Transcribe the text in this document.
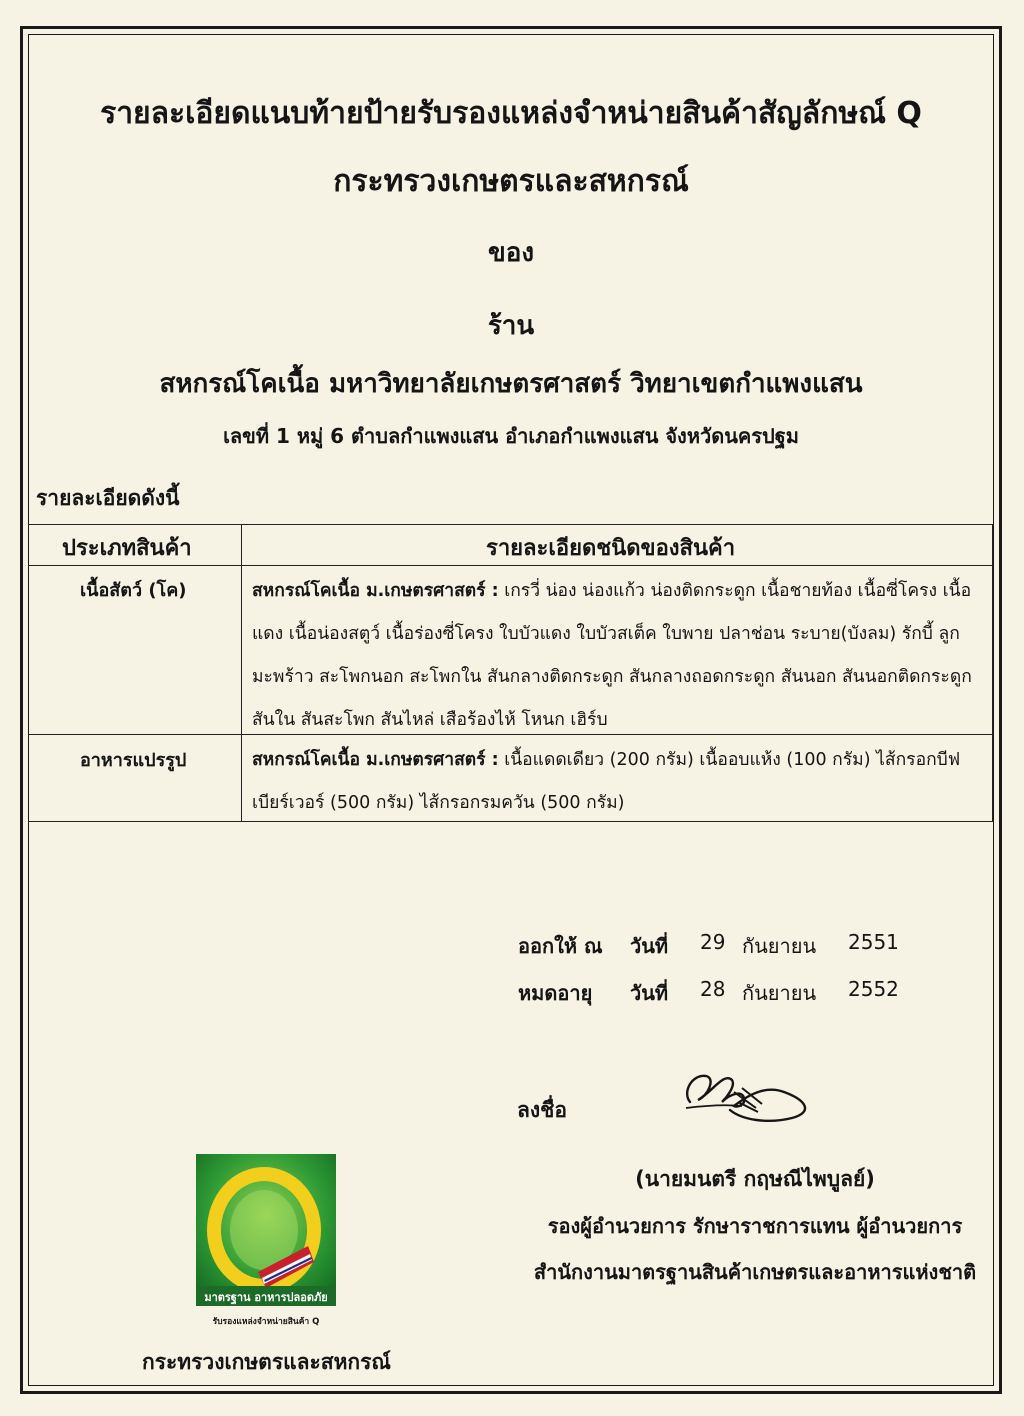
รายละเอียดแนบท้ายป้ายรับรองแหล่งจำหน่ายสินค้าสัญลักษณ์ Q
กระทรวงเกษตรและสหกรณ์
ของ
ร้าน
สหกรณ์โคเนื้อ มหาวิทยาลัยเกษตรศาสตร์ วิทยาเขตกำแพงแสน
เลขที่ 1 หมู่ 6 ตำบลกำแพงแสน อำเภอกำแพงแสน จังหวัดนครปฐม
รายละเอียดดังนี้
ประเภทสินค้า	รายละเอียดชนิดของสินค้า
เนื้อสัตว์ (โค)	สหกรณ์โคเนื้อ ม.เกษตรศาสตร์ : เกรวี่ น่อง น่องแก้ว น่องติดกระดูก เนื้อชายท้อง เนื้อซี่โครง เนื้อแดง เนื้อน่องสตูว์ เนื้อร่องซี่โครง ใบบัวแดง ใบบัวสเต็ค ใบพาย ปลาช่อน ระบาย(บังลม) รักบี้ ลูกมะพร้าว สะโพกนอก สะโพกใน สันกลางติดกระดูก สันกลางถอดกระดูก สันนอก สันนอกติดกระดูก สันใน สันสะโพก สันไหล่ เสือร้องไห้ โหนก เฮิร์บ
อาหารแปรรูป	สหกรณ์โคเนื้อ ม.เกษตรศาสตร์ : เนื้อแดดเดียว (200 กรัม) เนื้ออบแห้ง (100 กรัม) ไส้กรอกบีฟเบียร์เวอร์ (500 กรัม) ไส้กรอกรมควัน (500 กรัม)
ออกให้ ณ วันที่ 29 กันยายน 2551
หมดอายุ วันที่ 28 กันยายน 2552
ลงชื่อ
(นายมนตรี กฤษณีไพบูลย์)
รองผู้อำนวยการ รักษาราชการแทน ผู้อำนวยการ
สำนักงานมาตรฐานสินค้าเกษตรและอาหารแห่งชาติ
มาตรฐาน อาหารปลอดภัย
รับรองแหล่งจำหน่ายสินค้า Q
กระทรวงเกษตรและสหกรณ์
